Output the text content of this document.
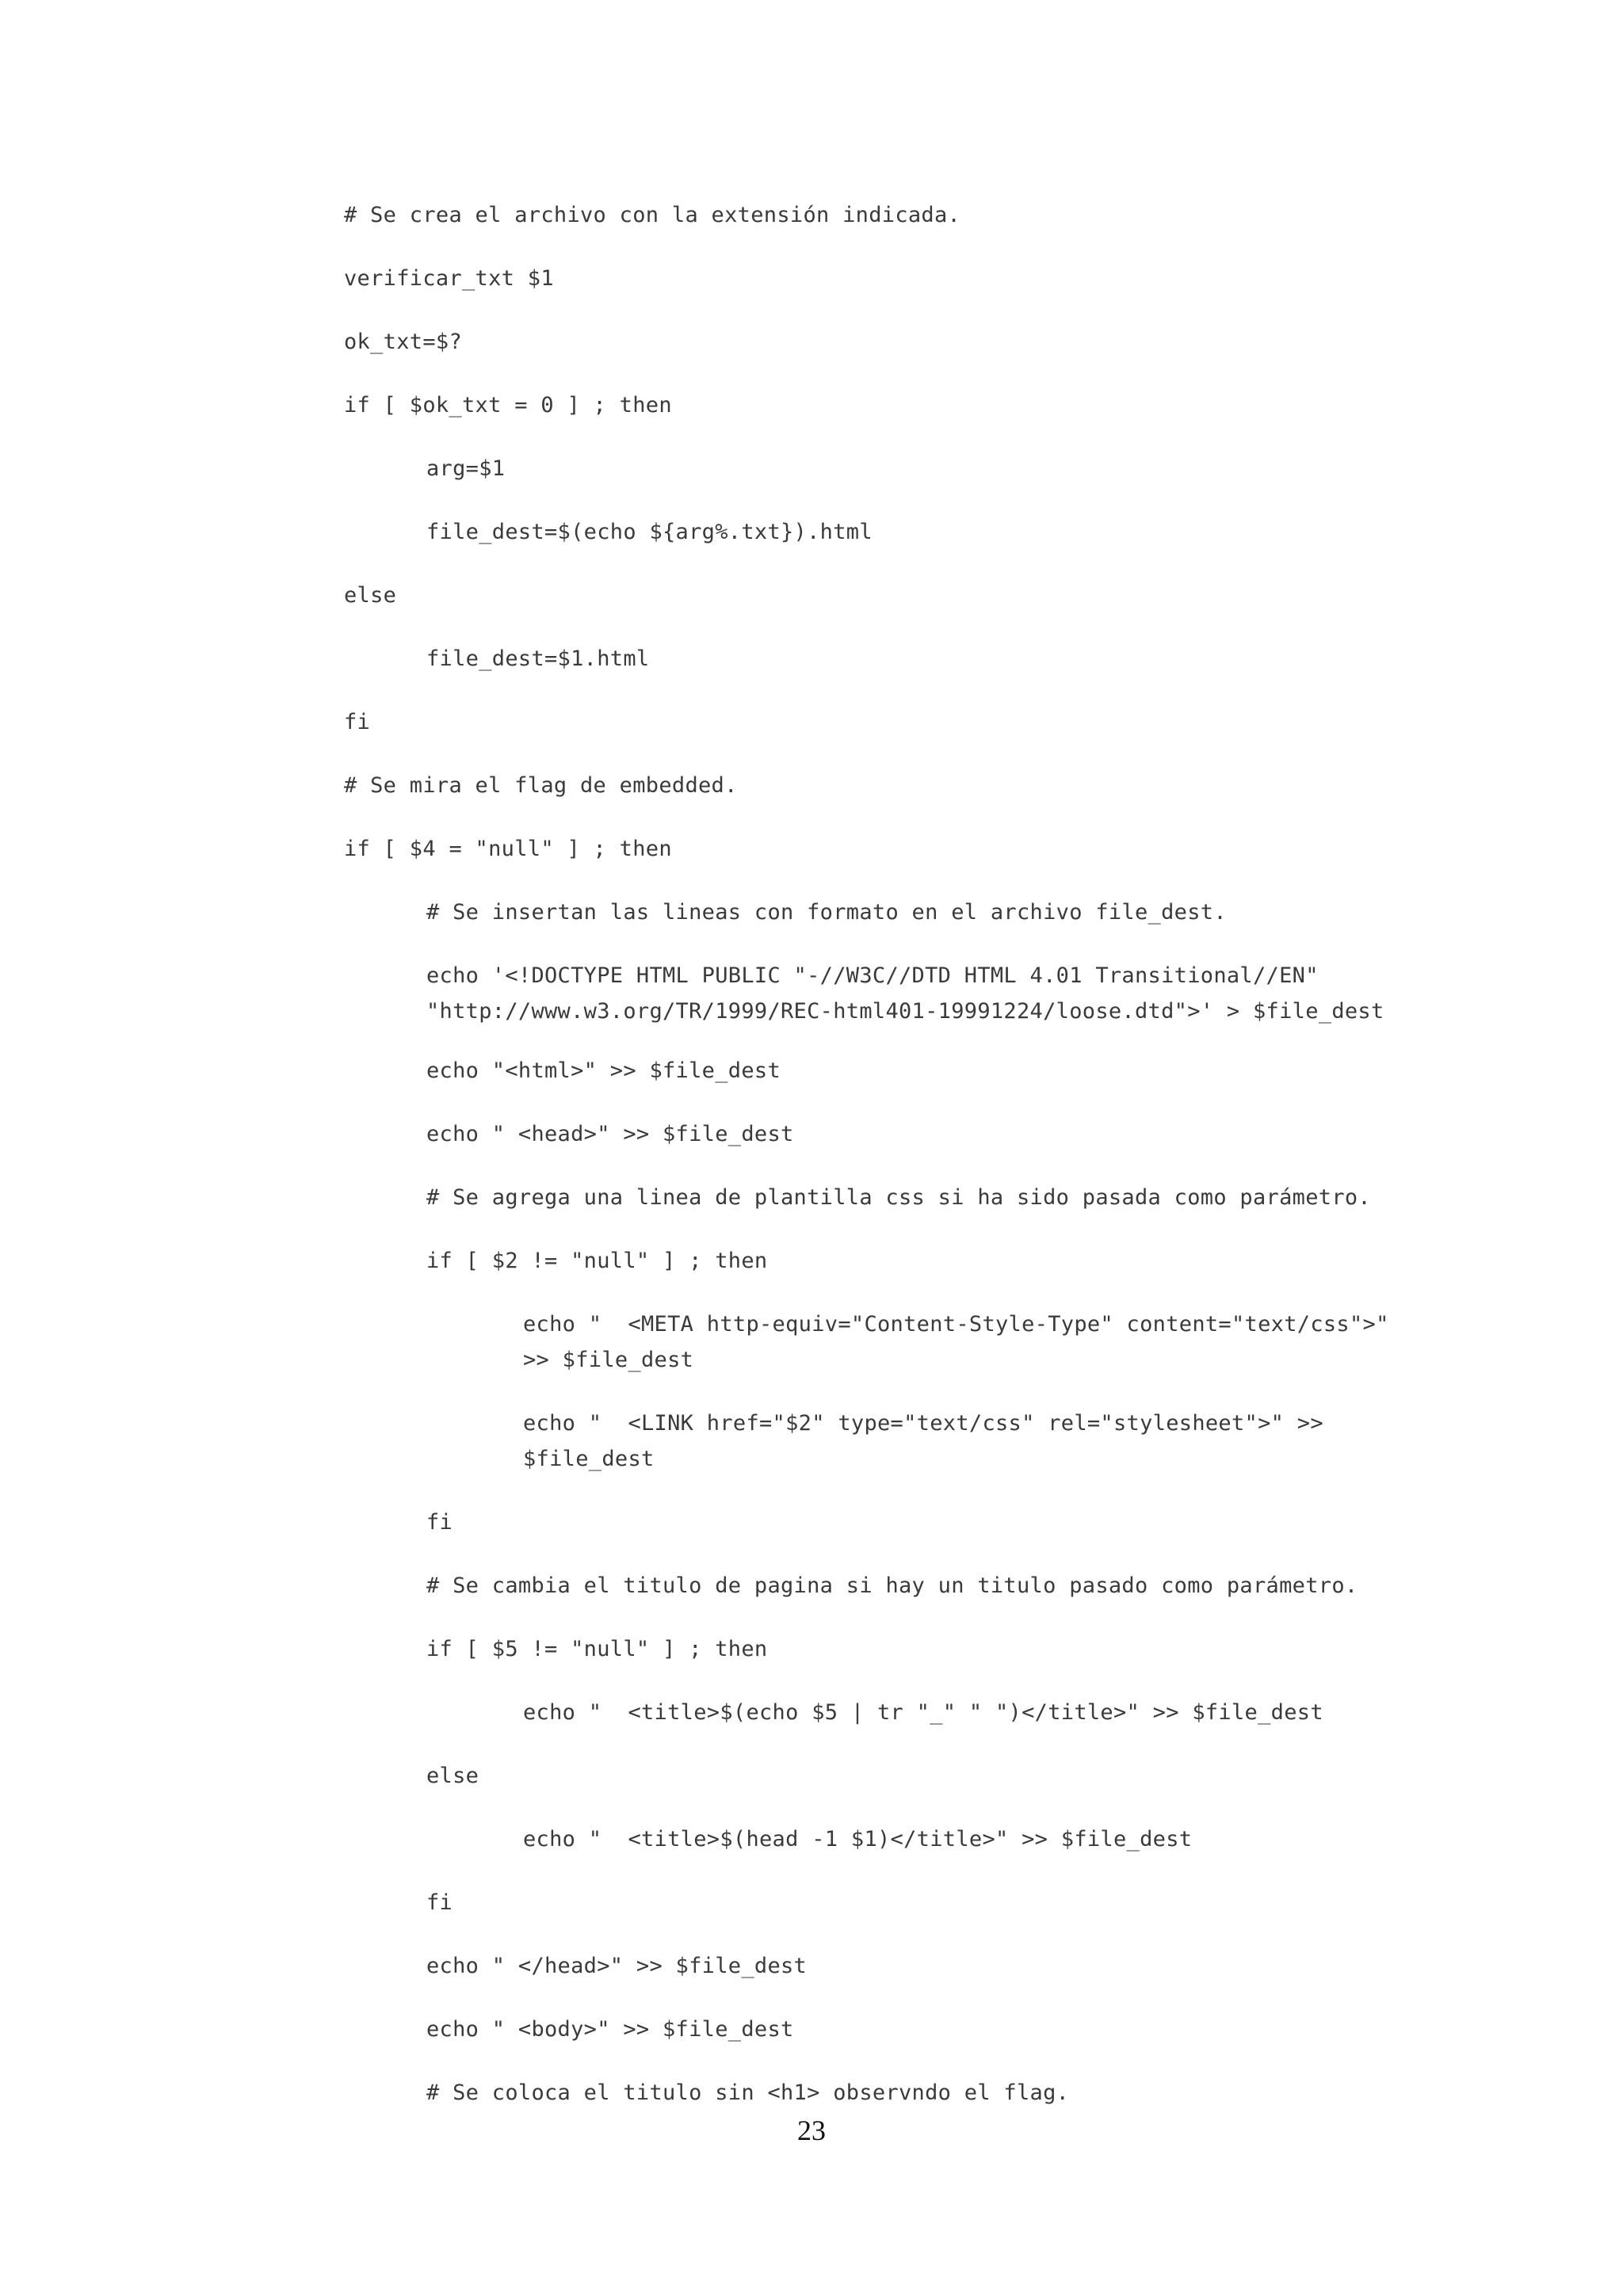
# Se crea el archivo con la extensión indicada.
verificar_txt $1
ok_txt=$?
if [ $ok_txt = 0 ] ; then
arg=$1
file_dest=$(echo ${arg%.txt}).html
else
file_dest=$1.html
fi
# Se mira el flag de embedded.
if [ $4 = "null" ] ; then
# Se insertan las lineas con formato en el archivo file_dest.
echo '<!DOCTYPE HTML PUBLIC "-//W3C//DTD HTML 4.01 Transitional//EN"
"http://www.w3.org/TR/1999/REC-html401-19991224/loose.dtd">' > $file_dest
echo "<html>" >> $file_dest
echo " <head>" >> $file_dest
# Se agrega una linea de plantilla css si ha sido pasada como parámetro.
if [ $2 != "null" ] ; then
echo "  <META http-equiv="Content-Style-Type" content="text/css">"
>> $file_dest
echo "  <LINK href="$2" type="text/css" rel="stylesheet">" >>
$file_dest
fi
# Se cambia el titulo de pagina si hay un titulo pasado como parámetro.
if [ $5 != "null" ] ; then
echo "  <title>$(echo $5 | tr "_" " ")</title>" >> $file_dest
else
echo "  <title>$(head -1 $1)</title>" >> $file_dest
fi
echo " </head>" >> $file_dest
echo " <body>" >> $file_dest
# Se coloca el titulo sin <h1> observndo el flag.
23
